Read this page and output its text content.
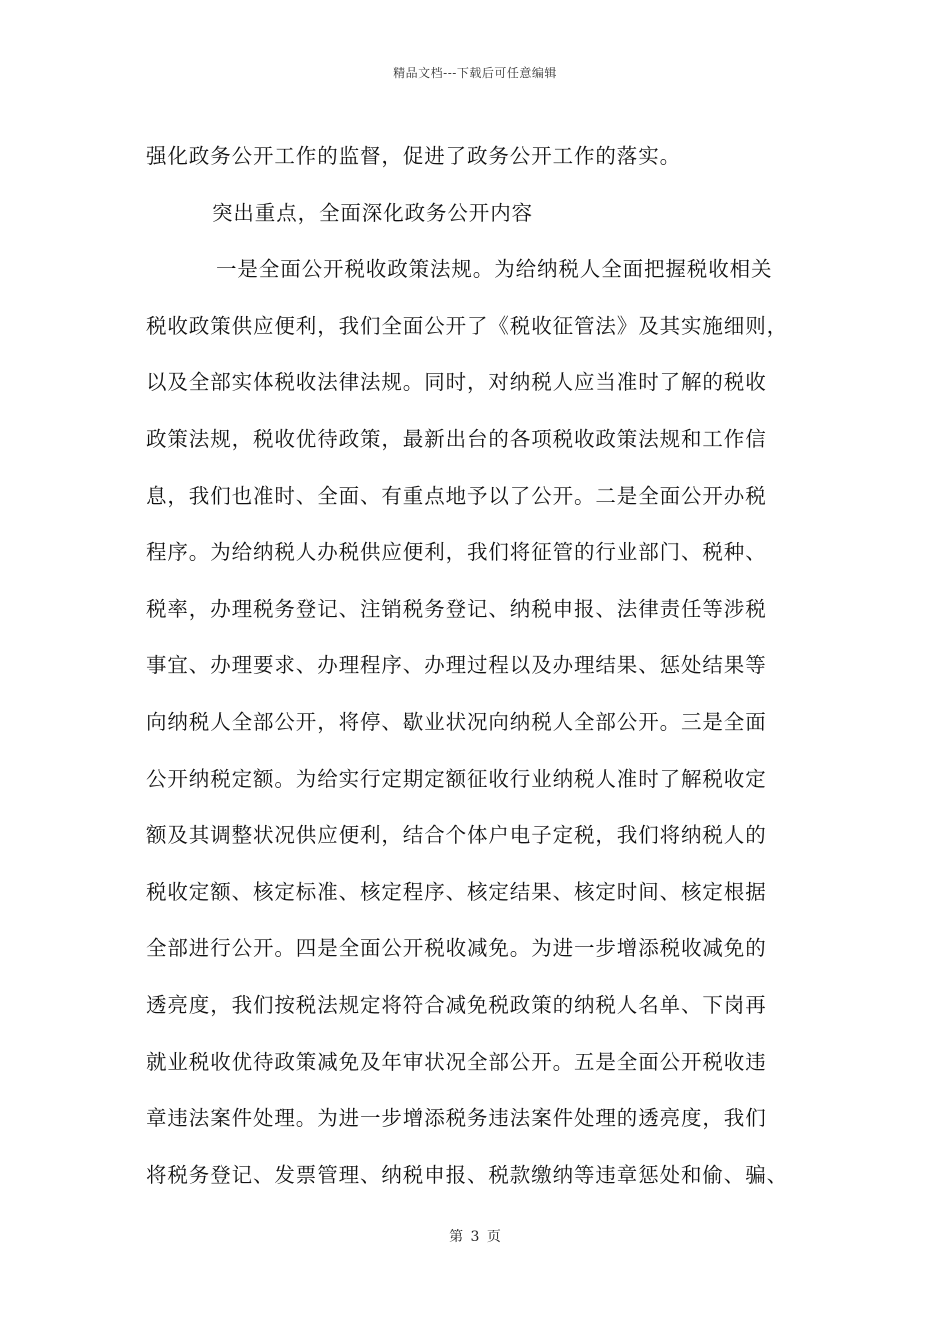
精品文档---下载后可任意编辑
强化政务公开工作的监督，促进了政务公开工作的落实。
突出重点，全面深化政务公开内容
一是全面公开税收政策法规。为给纳税人全面把握税收相关
税收政策供应便利，我们全面公开了《税收征管法》及其实施细则，
以及全部实体税收法律法规。同时，对纳税人应当准时了解的税收
政策法规，税收优待政策，最新出台的各项税收政策法规和工作信
息，我们也准时、全面、有重点地予以了公开。二是全面公开办税
程序。为给纳税人办税供应便利，我们将征管的行业部门、税种、
税率，办理税务登记、注销税务登记、纳税申报、法律责任等涉税
事宜、办理要求、办理程序、办理过程以及办理结果、惩处结果等
向纳税人全部公开，将停、歇业状况向纳税人全部公开。三是全面
公开纳税定额。为给实行定期定额征收行业纳税人准时了解税收定
额及其调整状况供应便利，结合个体户电子定税，我们将纳税人的
税收定额、核定标准、核定程序、核定结果、核定时间、核定根据
全部进行公开。四是全面公开税收减免。为进一步增添税收减免的
透亮度，我们按税法规定将符合减免税政策的纳税人名单、下岗再
就业税收优待政策减免及年审状况全部公开。五是全面公开税收违
章违法案件处理。为进一步增添税务违法案件处理的透亮度，我们
将税务登记、发票管理、纳税申报、税款缴纳等违章惩处和偷、骗、
第 3 页
